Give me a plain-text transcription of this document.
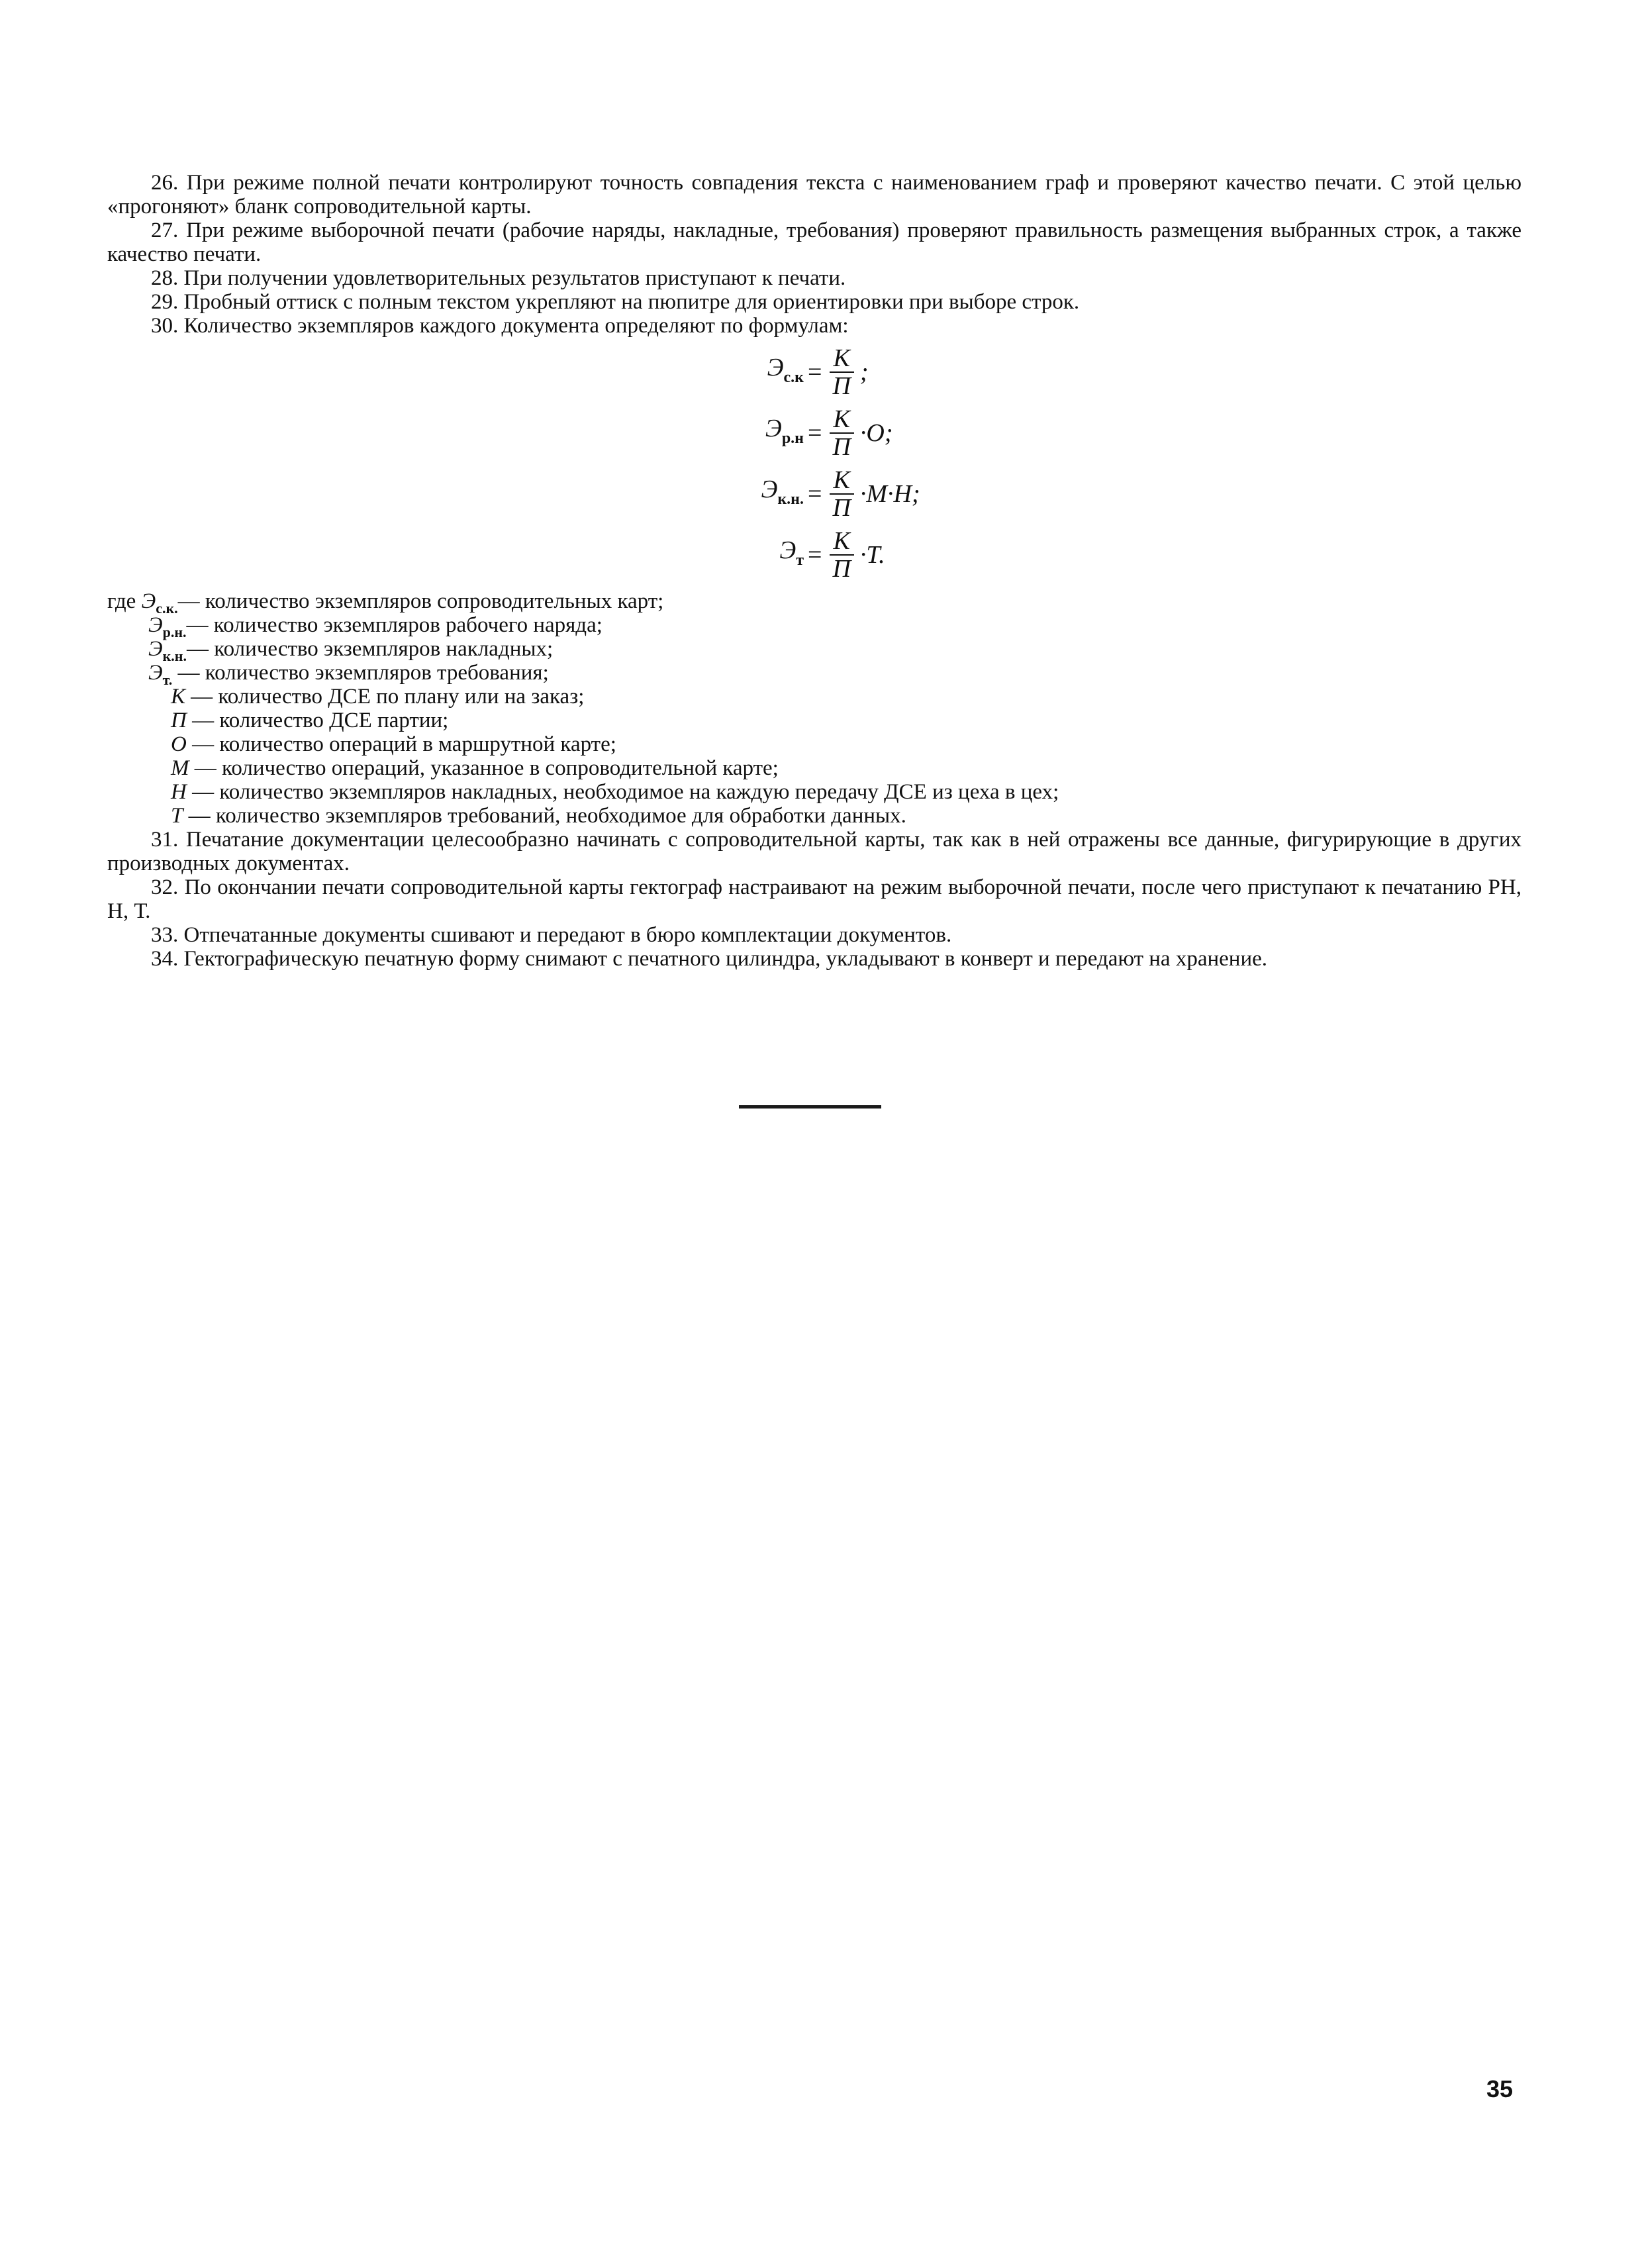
26. При режиме полной печати контролируют точность совпадения текста с наименованием граф и проверяют качество печати. С этой целью «прогоняют» бланк сопроводительной карты.

27. При режиме выборочной печати (рабочие наряды, накладные, требования) проверяют правильность размещения выбранных строк, а также качество печати.

28. При получении удовлетворительных результатов приступают к печати.

29. Пробный оттиск с полным текстом укрепляют на пюпитре для ориентировки при выборе строк.

30. Количество экземпляров каждого документа определяют по формулам:

$Э_{с.к} = \frac{К}{П}$ ;
$Э_{р.н} = \frac{К}{П} \cdot О$;
$Э_{к.н.} = \frac{К}{П} \cdot М\cdot Н$;
$Э_т = \frac{К}{П} \cdot Т$.
где $Э_{с.к.}—$ количество экземпляров сопроводительных карт;
$Э_{р.н.}—$ количество экземпляров рабочего наряда;
$Э_{к.н.}—$ количество экземпляров накладных;
$Э_{т.}$ — количество экземпляров требования;
К — количество ДСЕ по плану или на заказ;
П — количество ДСЕ партии;
О — количество операций в маршрутной карте;
М — количество операций, указанное в сопроводительной карте;
Н — количество экземпляров накладных, необходимое на каждую передачу ДСЕ из цеха в цех;
Т — количество экземпляров требований, необходимое для обработки данных.

31. Печатание документации целесообразно начинать с сопроводительной карты, так как в ней отражены все данные, фигурирующие в других производных документах.

32. По окончании печати сопроводительной карты гектограф настраивают на режим выборочной печати, после чего приступают к печатанию РН, Н, Т.

33. Отпечатанные документы сшивают и передают в бюро комплектации документов.

34. Гектографическую печатную форму снимают с печатного цилиндра, укладывают в конверт и передают на хранение.

35
